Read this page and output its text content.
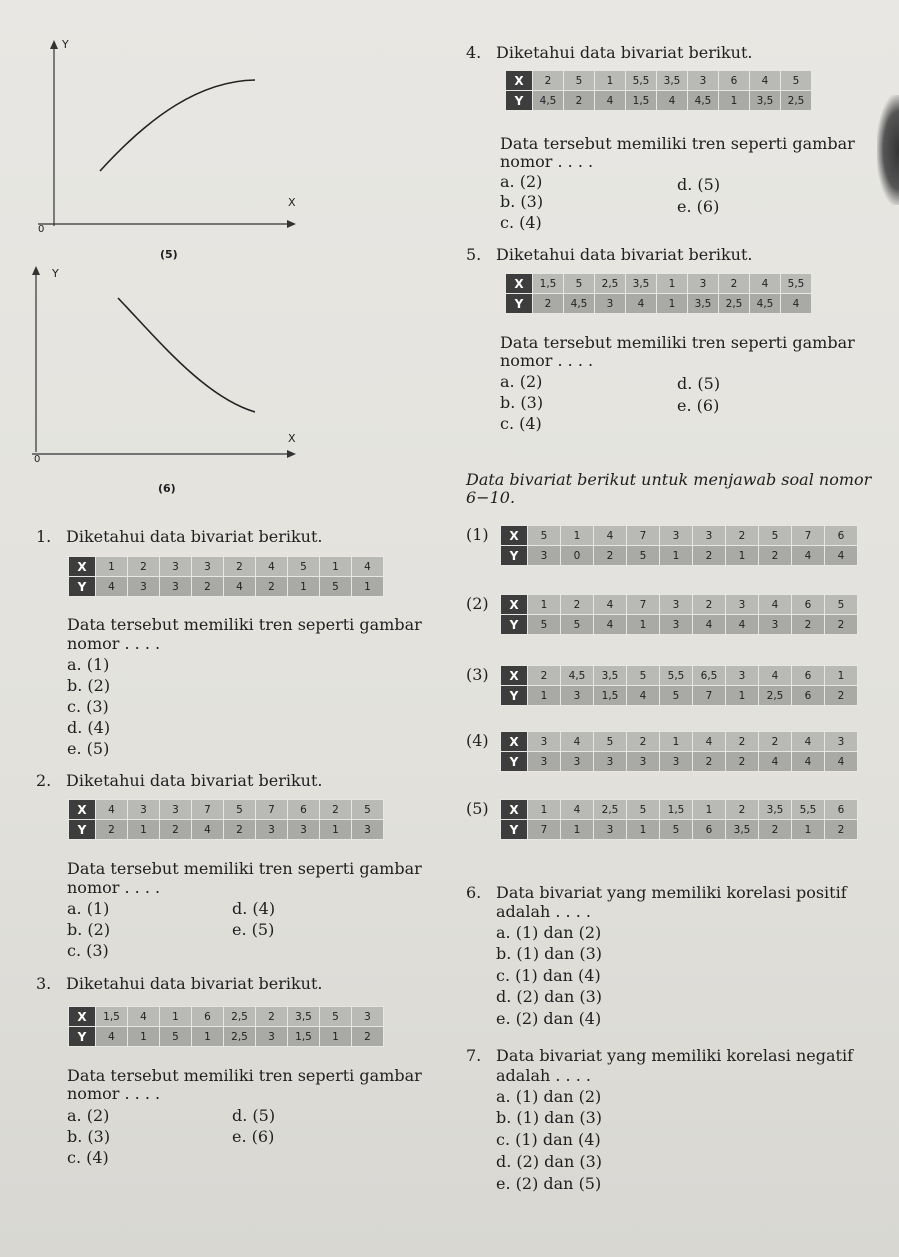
Y
X
0
(5)
Y
X
0
(6)
4. Diketahui data bivariat berikut.
X	2	5	1	5,5	3,5	3	6	4	5
Y	4,5	2	4	1,5	4	4,5	1	3,5	2,5
Data tersebut memiliki tren seperti gambar
nomor . . . .
a. (2)
b. (3)
c. (4)
d. (5)
e. (6)
5. Diketahui data bivariat berikut.
X	1,5	5	2,5	3,5	1	3	2	4	5,5
Y	2	4,5	3	4	1	3,5	2,5	4,5	4
Data tersebut memiliki tren seperti gambar
nomor . . . .
a. (2)
b. (3)
c. (4)
d. (5)
e. (6)
Data bivariat berikut untuk menjawab soal nomor
6−10.
1. Diketahui data bivariat berikut.
X	1	2	3	3	2	4	5	1	4
Y	4	3	3	2	4	2	1	5	1
Data tersebut memiliki tren seperti gambar
nomor . . . .
a. (1)
b. (2)
c. (3)
d. (4)
e. (5)
2. Diketahui data bivariat berikut.
X	4	3	3	7	5	7	6	2	5
Y	2	1	2	4	2	3	3	1	3
Data tersebut memiliki tren seperti gambar
nomor . . . .
a. (1)
b. (2)
c. (3)
d. (4)
e. (5)
3. Diketahui data bivariat berikut.
X	1,5	4	1	6	2,5	2	3,5	5	3
Y	4	1	5	1	2,5	3	1,5	1	2
Data tersebut memiliki tren seperti gambar
nomor . . . .
a. (2)
b. (3)
c. (4)
d. (5)
e. (6)
(1) X	5	1	4	7	3	3	2	5	7	6
Y	3	0	2	5	1	2	1	2	4	4
(2) X	1	2	4	7	3	2	3	4	6	5
Y	5	5	4	1	3	4	4	3	2	2
(3) X	2	4,5	3,5	5	5,5	6,5	3	4	6	1
Y	1	3	1,5	4	5	7	1	2,5	6	2
(4) X	3	4	5	2	1	4	2	2	4	3
Y	3	3	3	3	3	2	2	4	4	4
(5) X	1	4	2,5	5	1,5	1	2	3,5	5,5	6
Y	7	1	3	1	5	6	3,5	2	1	2
6. Data bivariat yang memiliki korelasi positif
adalah . . . .
a. (1) dan (2)
b. (1) dan (3)
c. (1) dan (4)
d. (2) dan (3)
e. (2) dan (4)
7. Data bivariat yang memiliki korelasi negatif
adalah . . . .
a. (1) dan (2)
b. (1) dan (3)
c. (1) dan (4)
d. (2) dan (3)
e. (2) dan (5)
